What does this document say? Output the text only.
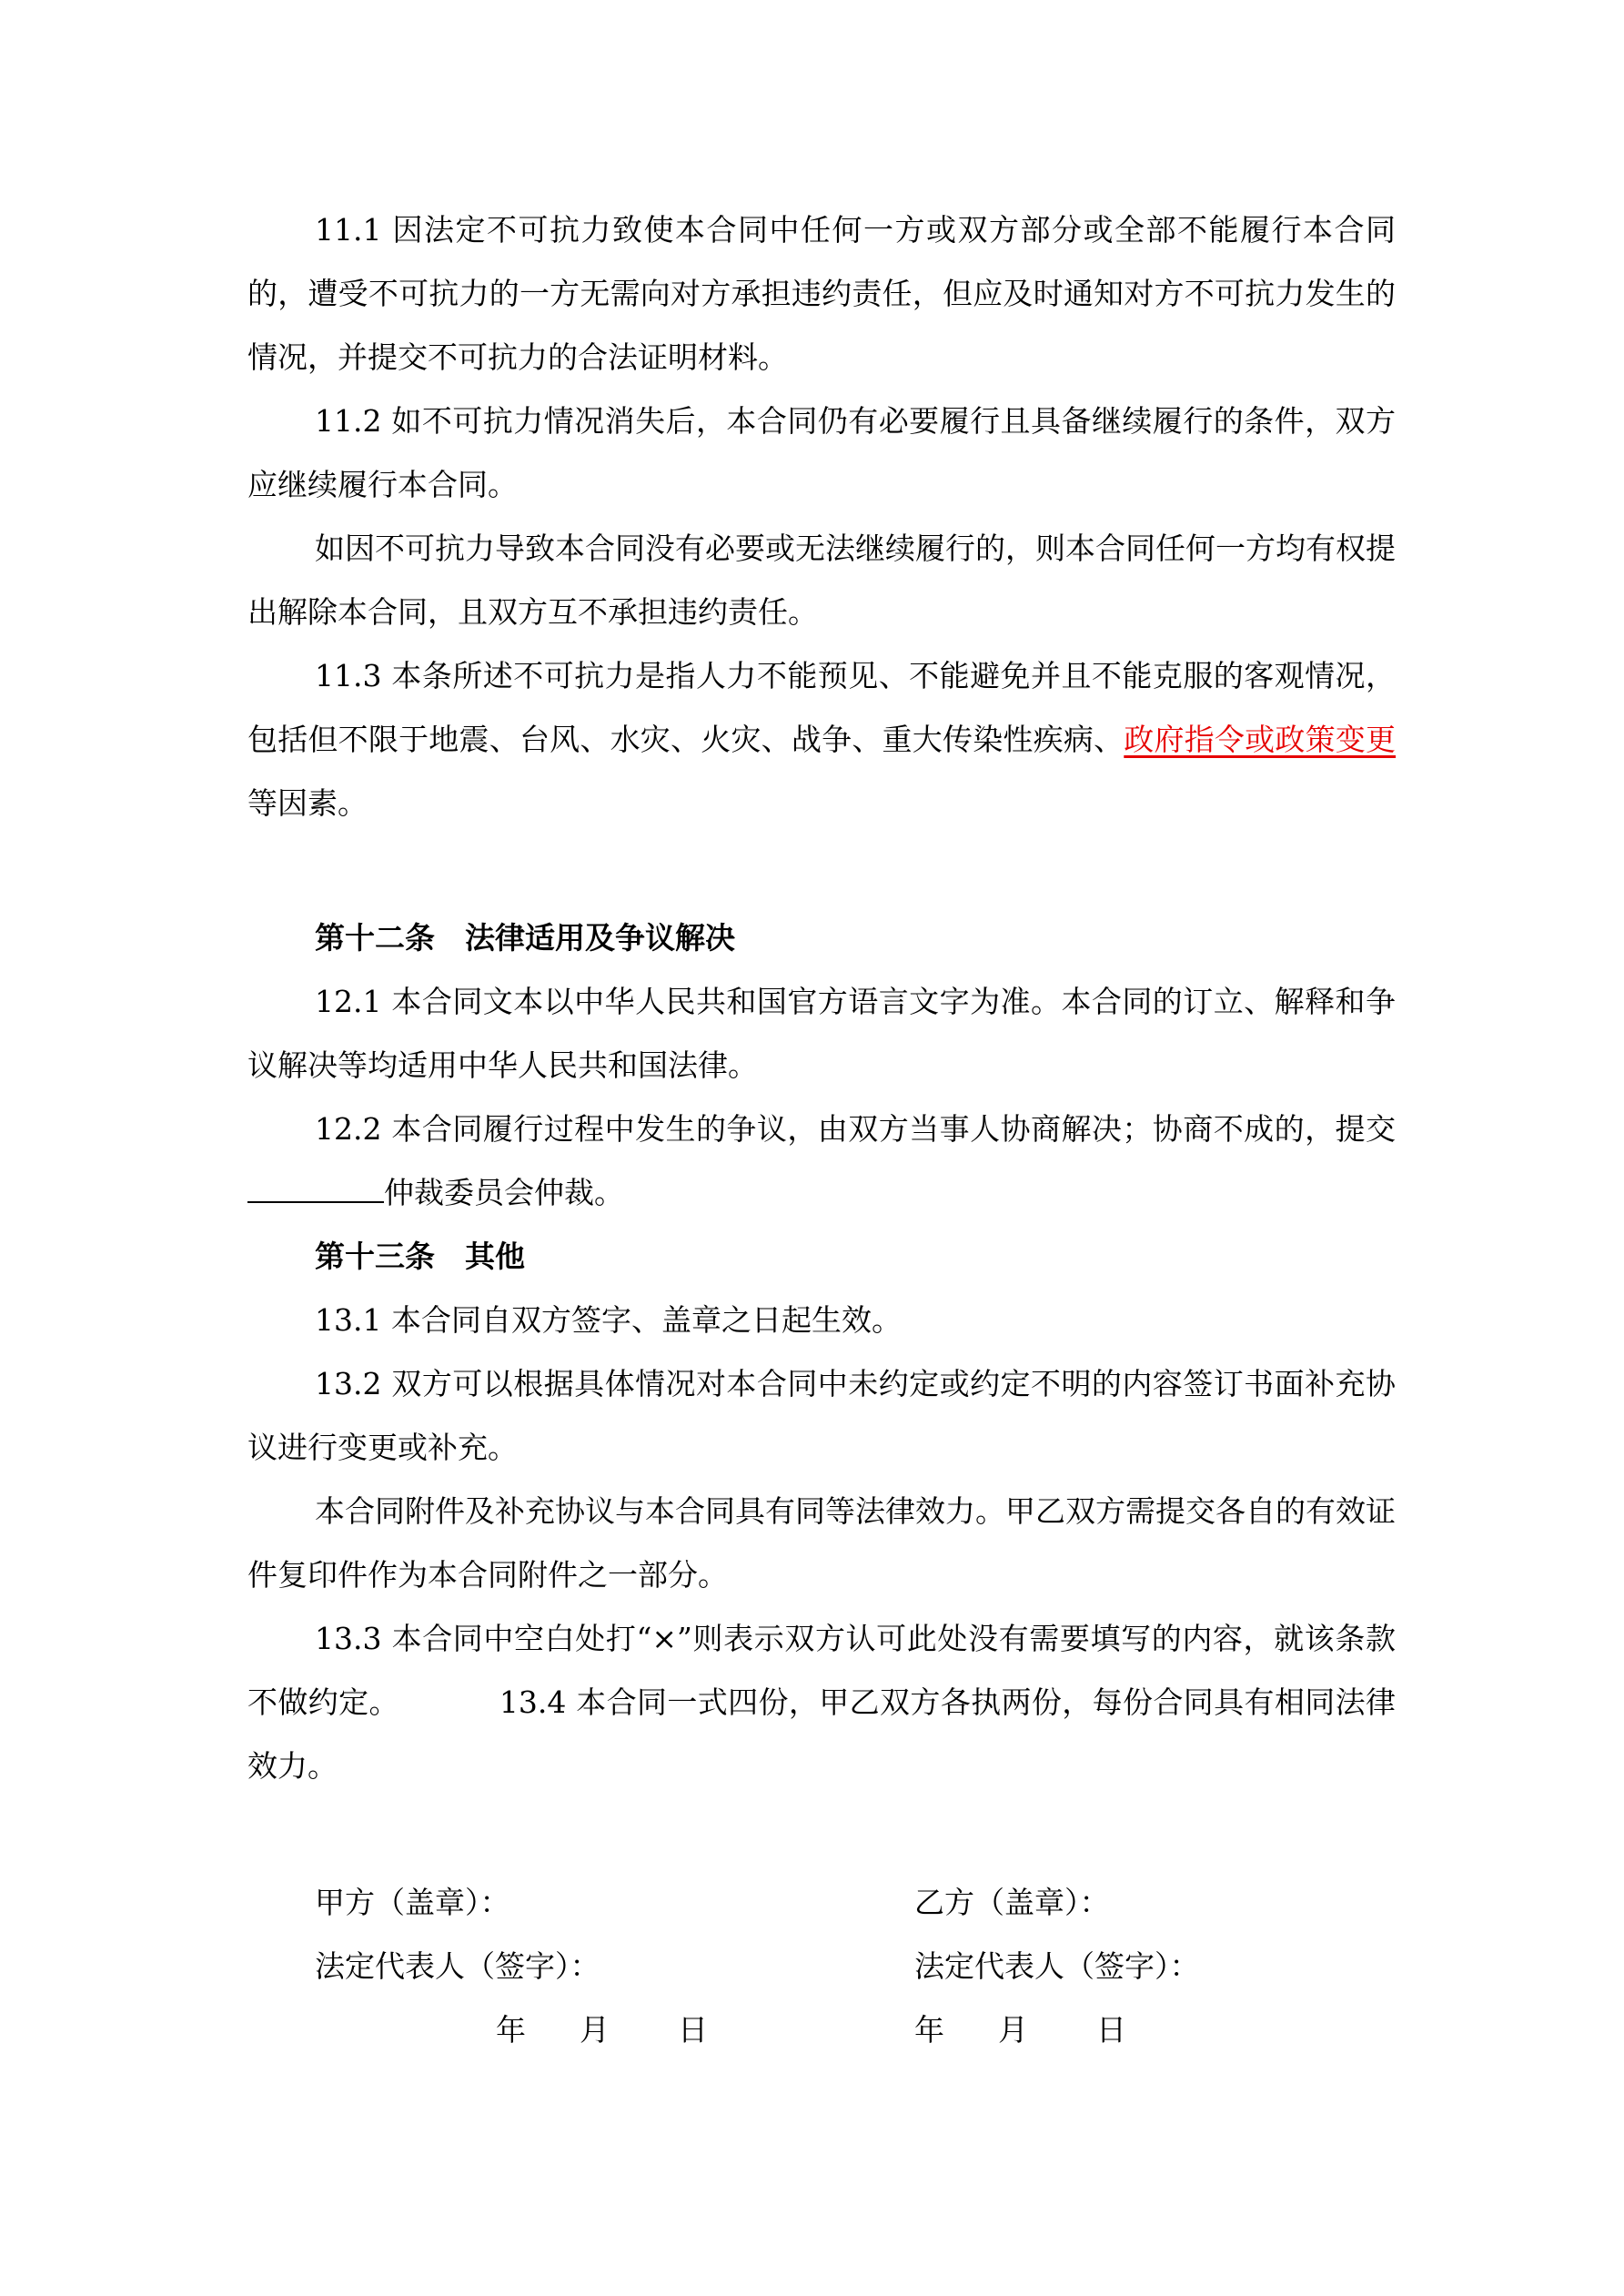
11.1 因法定不可抗力致使本合同中任何一方或双方部分或全部不能履行本合同的，遭受不可抗力的一方无需向对方承担违约责任，但应及时通知对方不可抗力发生的情况，并提交不可抗力的合法证明材料。

11.2 如不可抗力情况消失后，本合同仍有必要履行且具备继续履行的条件，双方应继续履行本合同。

如因不可抗力导致本合同没有必要或无法继续履行的，则本合同任何一方均有权提出解除本合同，且双方互不承担违约责任。

11.3 本条所述不可抗力是指人力不能预见、不能避免并且不能克服的客观情况，包括但不限于地震、台风、水灾、火灾、战争、重大传染性疾病、政府指令或政策变更等因素。

第十二条　法律适用及争议解决

12.1 本合同文本以中华人民共和国官方语言文字为准。本合同的订立、解释和争议解决等均适用中华人民共和国法律。

12.2 本合同履行过程中发生的争议，由双方当事人协商解决；协商不成的，提交仲裁委员会仲裁。

第十三条　其他

13.1 本合同自双方签字、盖章之日起生效。

13.2 双方可以根据具体情况对本合同中未约定或约定不明的内容签订书面补充协议进行变更或补充。

本合同附件及补充协议与本合同具有同等法律效力。甲乙双方需提交各自的有效证件复印件作为本合同附件之一部分。

13.3 本合同中空白处打“×”则表示双方认可此处没有需要填写的内容，就该条款不做约定。	13.4 本合同一式四份，甲乙双方各执两份，每份合同具有相同法律效力。

甲方（盖章）：	乙方（盖章）：

法定代表人（签字）：	法定代表人（签字）：

年 月 日	年 月 日
